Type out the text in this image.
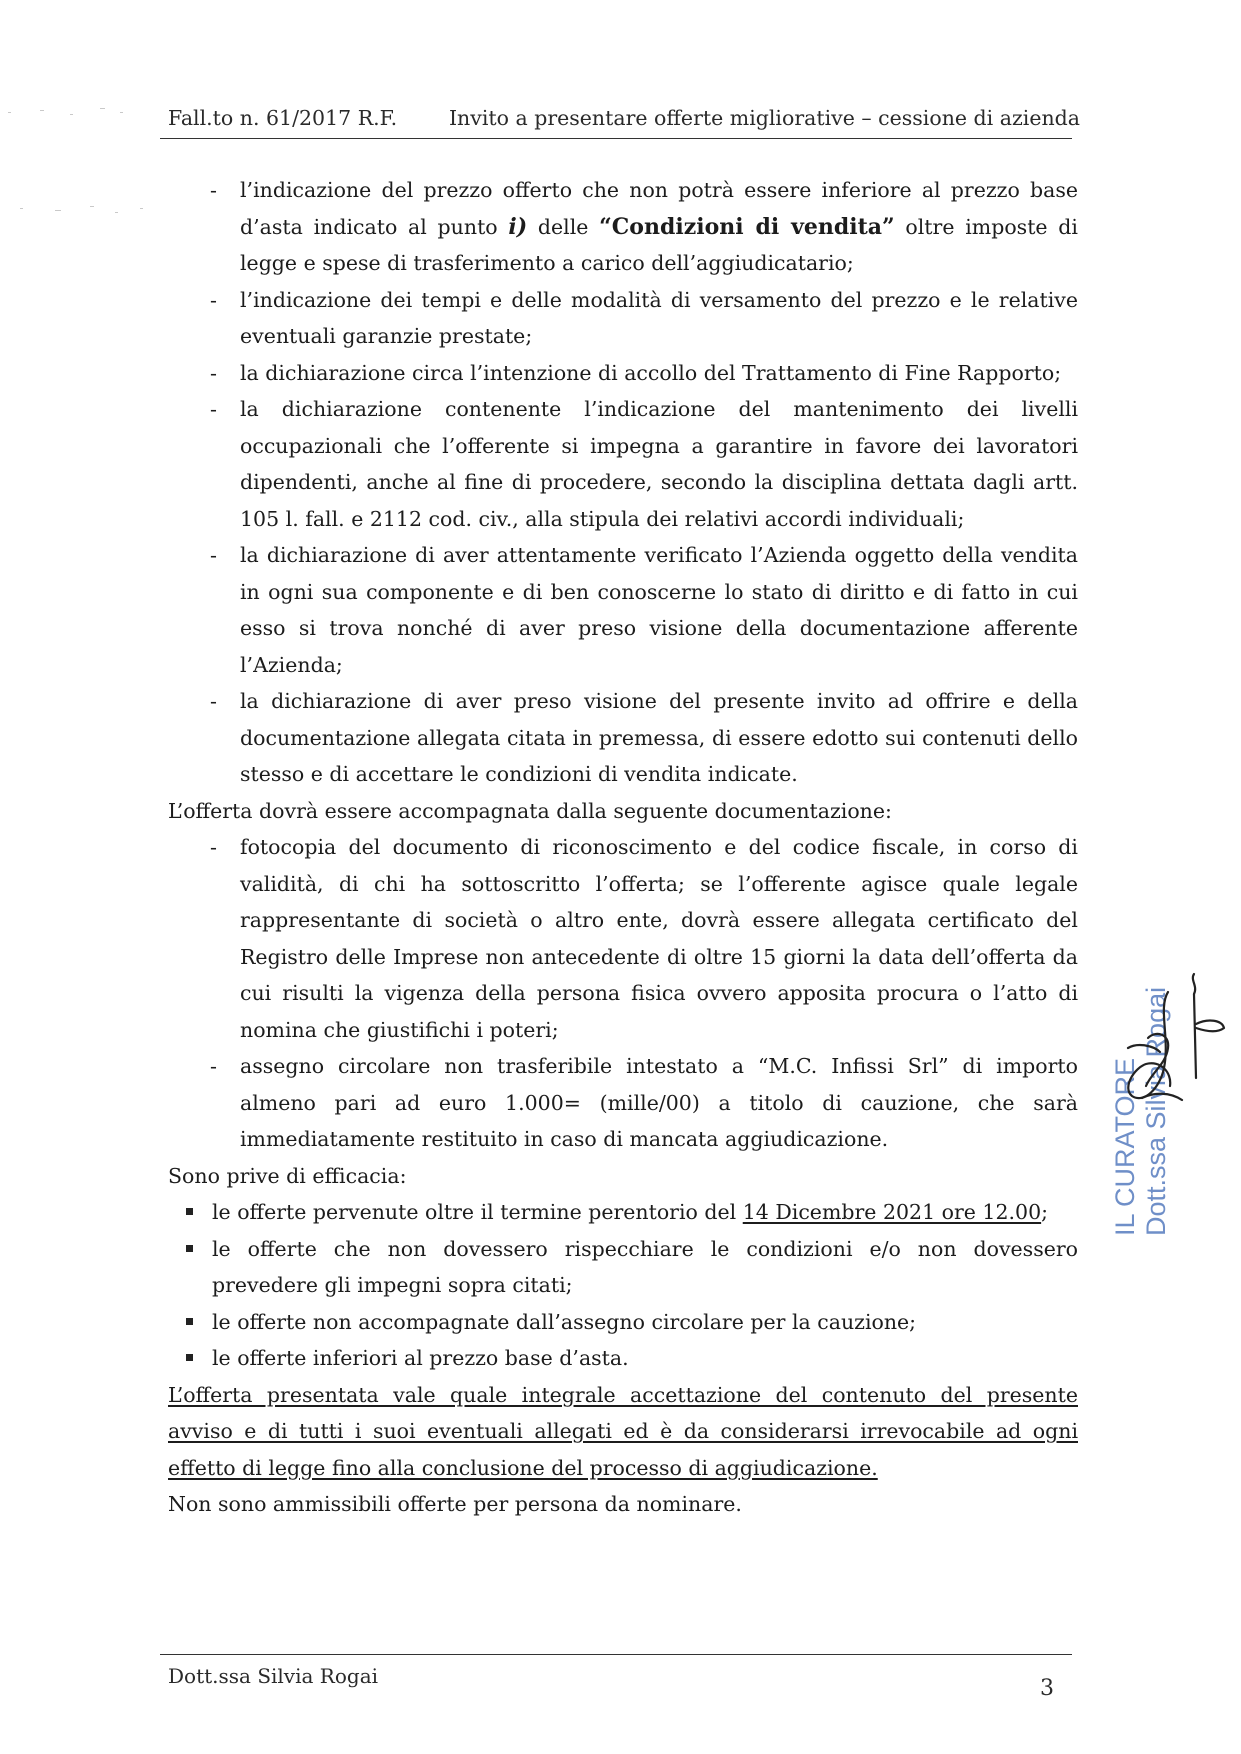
Fall.to n. 61/2017 R.F.	Invito a presentare offerte migliorative – cessione di azienda
- l’indicazione del prezzo offerto che non potrà essere inferiore al prezzo base d’asta indicato al punto i) delle “Condizioni di vendita” oltre imposte di legge e spese di trasferimento a carico dell’aggiudicatario;
- l’indicazione dei tempi e delle modalità di versamento del prezzo e le relative eventuali garanzie prestate;
- la dichiarazione circa l’intenzione di accollo del Trattamento di Fine Rapporto;
- la dichiarazione contenente l’indicazione del mantenimento dei livelli occupazionali che l’offerente si impegna a garantire in favore dei lavoratori dipendenti, anche al fine di procedere, secondo la disciplina dettata dagli artt. 105 l. fall. e 2112 cod. civ., alla stipula dei relativi accordi individuali;
- la dichiarazione di aver attentamente verificato l’Azienda oggetto della vendita in ogni sua componente e di ben conoscerne lo stato di diritto e di fatto in cui esso si trova nonché di aver preso visione della documentazione afferente l’Azienda;
- la dichiarazione di aver preso visione del presente invito ad offrire e della documentazione allegata citata in premessa, di essere edotto sui contenuti dello stesso e di accettare le condizioni di vendita indicate.

L’offerta dovrà essere accompagnata dalla seguente documentazione:

- fotocopia del documento di riconoscimento e del codice fiscale, in corso di validità, di chi ha sottoscritto l’offerta; se l’offerente agisce quale legale rappresentante di società o altro ente, dovrà essere allegata certificato del Registro delle Imprese non antecedente di oltre 15 giorni la data dell’offerta da cui risulti la vigenza della persona fisica ovvero apposita procura o l’atto di nomina che giustifichi i poteri;
- assegno circolare non trasferibile intestato a “M.C. Infissi Srl” di importo almeno pari ad euro 1.000= (mille/00) a titolo di cauzione, che sarà immediatamente restituito in caso di mancata aggiudicazione.

Sono prive di efficacia:

le offerte pervenute oltre il termine perentorio del 14 Dicembre 2021 ore 12.00;
le offerte che non dovessero rispecchiare le condizioni e/o non dovessero prevedere gli impegni sopra citati;
le offerte non accompagnate dall’assegno circolare per la cauzione;
le offerte inferiori al prezzo base d’asta.

L’offerta presentata vale quale integrale accettazione del contenuto del presente avviso e di tutti i suoi eventuali allegati ed è da considerarsi irrevocabile ad ogni effetto di legge fino alla conclusione del processo di aggiudicazione.

Non sono ammissibili offerte per persona da nominare.

IL CURATORE Dott.ssa Silvia Rogai
Dott.ssa Silvia Rogai	3
